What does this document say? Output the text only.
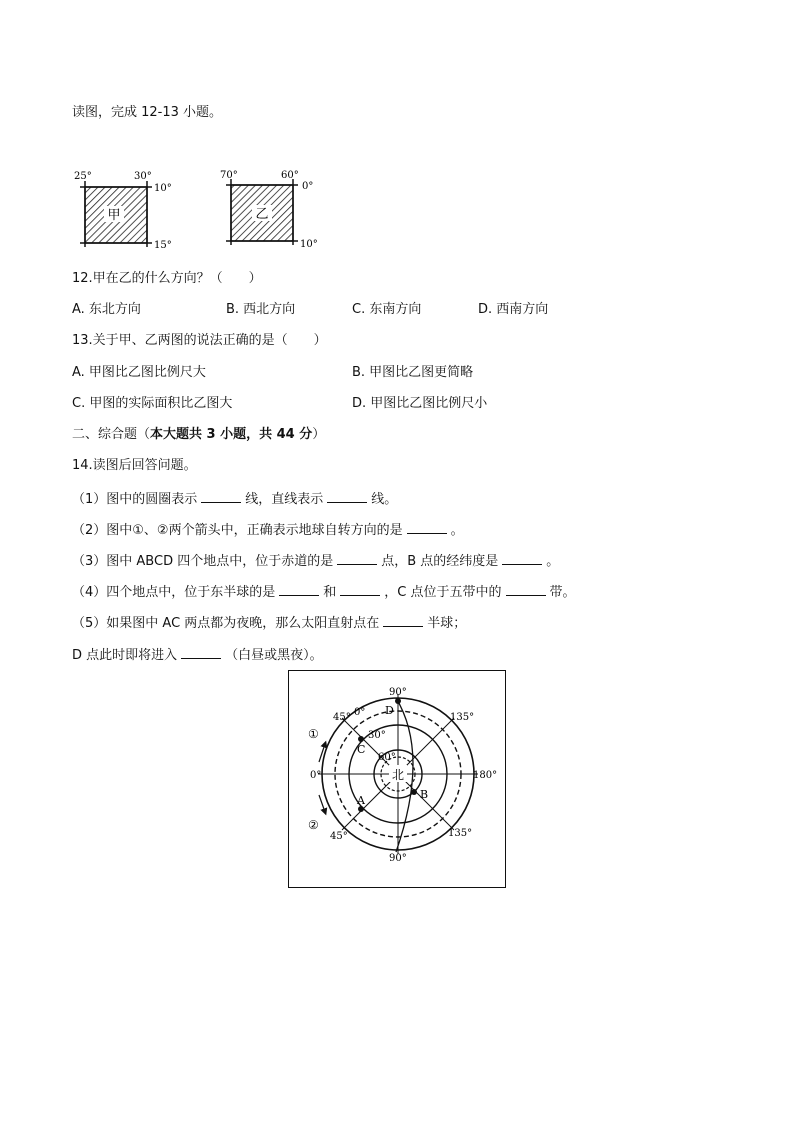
读图，完成 12-13 小题。
甲
25°	30°
10°
15°
乙
70°	60°
0°
10°
12.甲在乙的什么方向？（　　）
A. 东北方向	B. 西北方向	C. 东南方向	D. 西南方向
13.关于甲、乙两图的说法正确的是（　　）
A. 甲图比乙图比例尺大	B. 甲图比乙图更简略
C. 甲图的实际面积比乙图大	D. 甲图比乙图比例尺小
二、综合题（本大题共 3 小题，共 44 分）
14.读图后回答问题。
（1）图中的圆圈表示	线，直线表示	线。
（2）图中①、②两个箭头中，正确表示地球自转方向的是	。
（3）图中 ABCD 四个地点中，位于赤道的是	点，B 点的经纬度是	。
（4）四个地点中，位于东半球的是	和	，C 点位于五带中的	带。
（5）如果图中 AC 两点都为夜晚，那么太阳直射点在	半球；
D 点此时即将进入	（白昼或黑夜）。
北
90°
90°
0°	180°
45°
45°
135°
135°
0°
30°
60°
D
C
A	B
①
②
